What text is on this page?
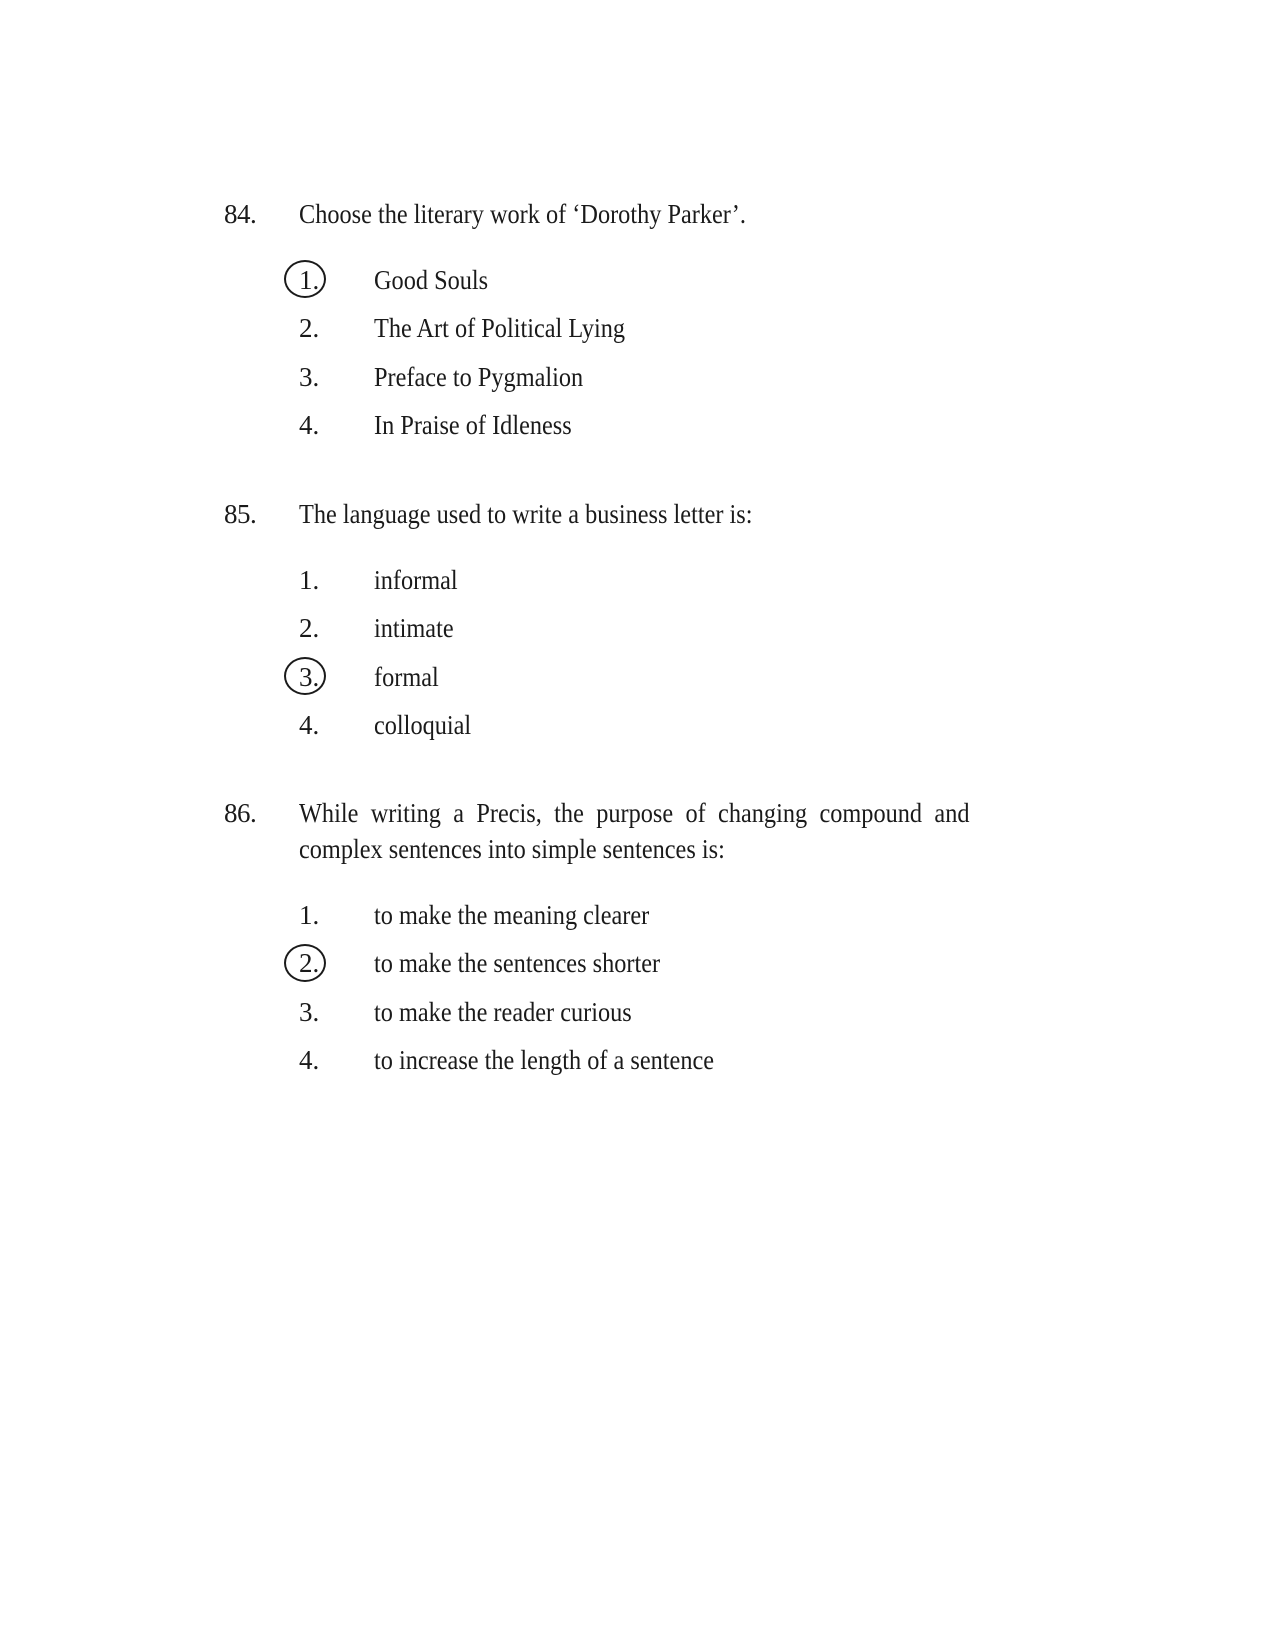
84.	Choose the literary work of ‘Dorothy Parker’.
1.	Good Souls
2.	The Art of Political Lying
3.	Preface to Pygmalion
4.	In Praise of Idleness
85.	The language used to write a business letter is:
1.	informal
2.	intimate
3.	formal
4.	colloquial
86.	While writing a Precis, the purpose of changing compound and complex sentences into simple sentences is:
1.	to make the meaning clearer
2.	to make the sentences shorter
3.	to make the reader curious
4.	to increase the length of a sentence
